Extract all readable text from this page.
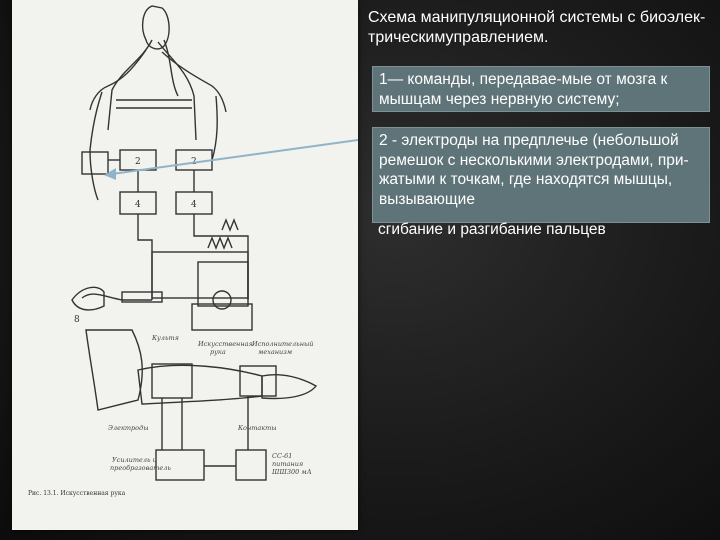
2
4	4
8
Культя
Искусственная
рука
Исполнительный
механизм
Электроды	Контакты
Усилитель и
преобразователь
СС-61
питания
ШШ300 мА
Рис. 13.1. Искусственная рука
Схема манипуляционной системы с биоэлек-трическимуправлением.
1— команды, передавае-мые от мозга к мышцам через нервную систему;
2 - электроды на предплечье (небольшой ремешок с несколькими электродами, при-жатыми к точкам, где находятся мышцы, вызывающие
сгибание и разгибание пальцев
